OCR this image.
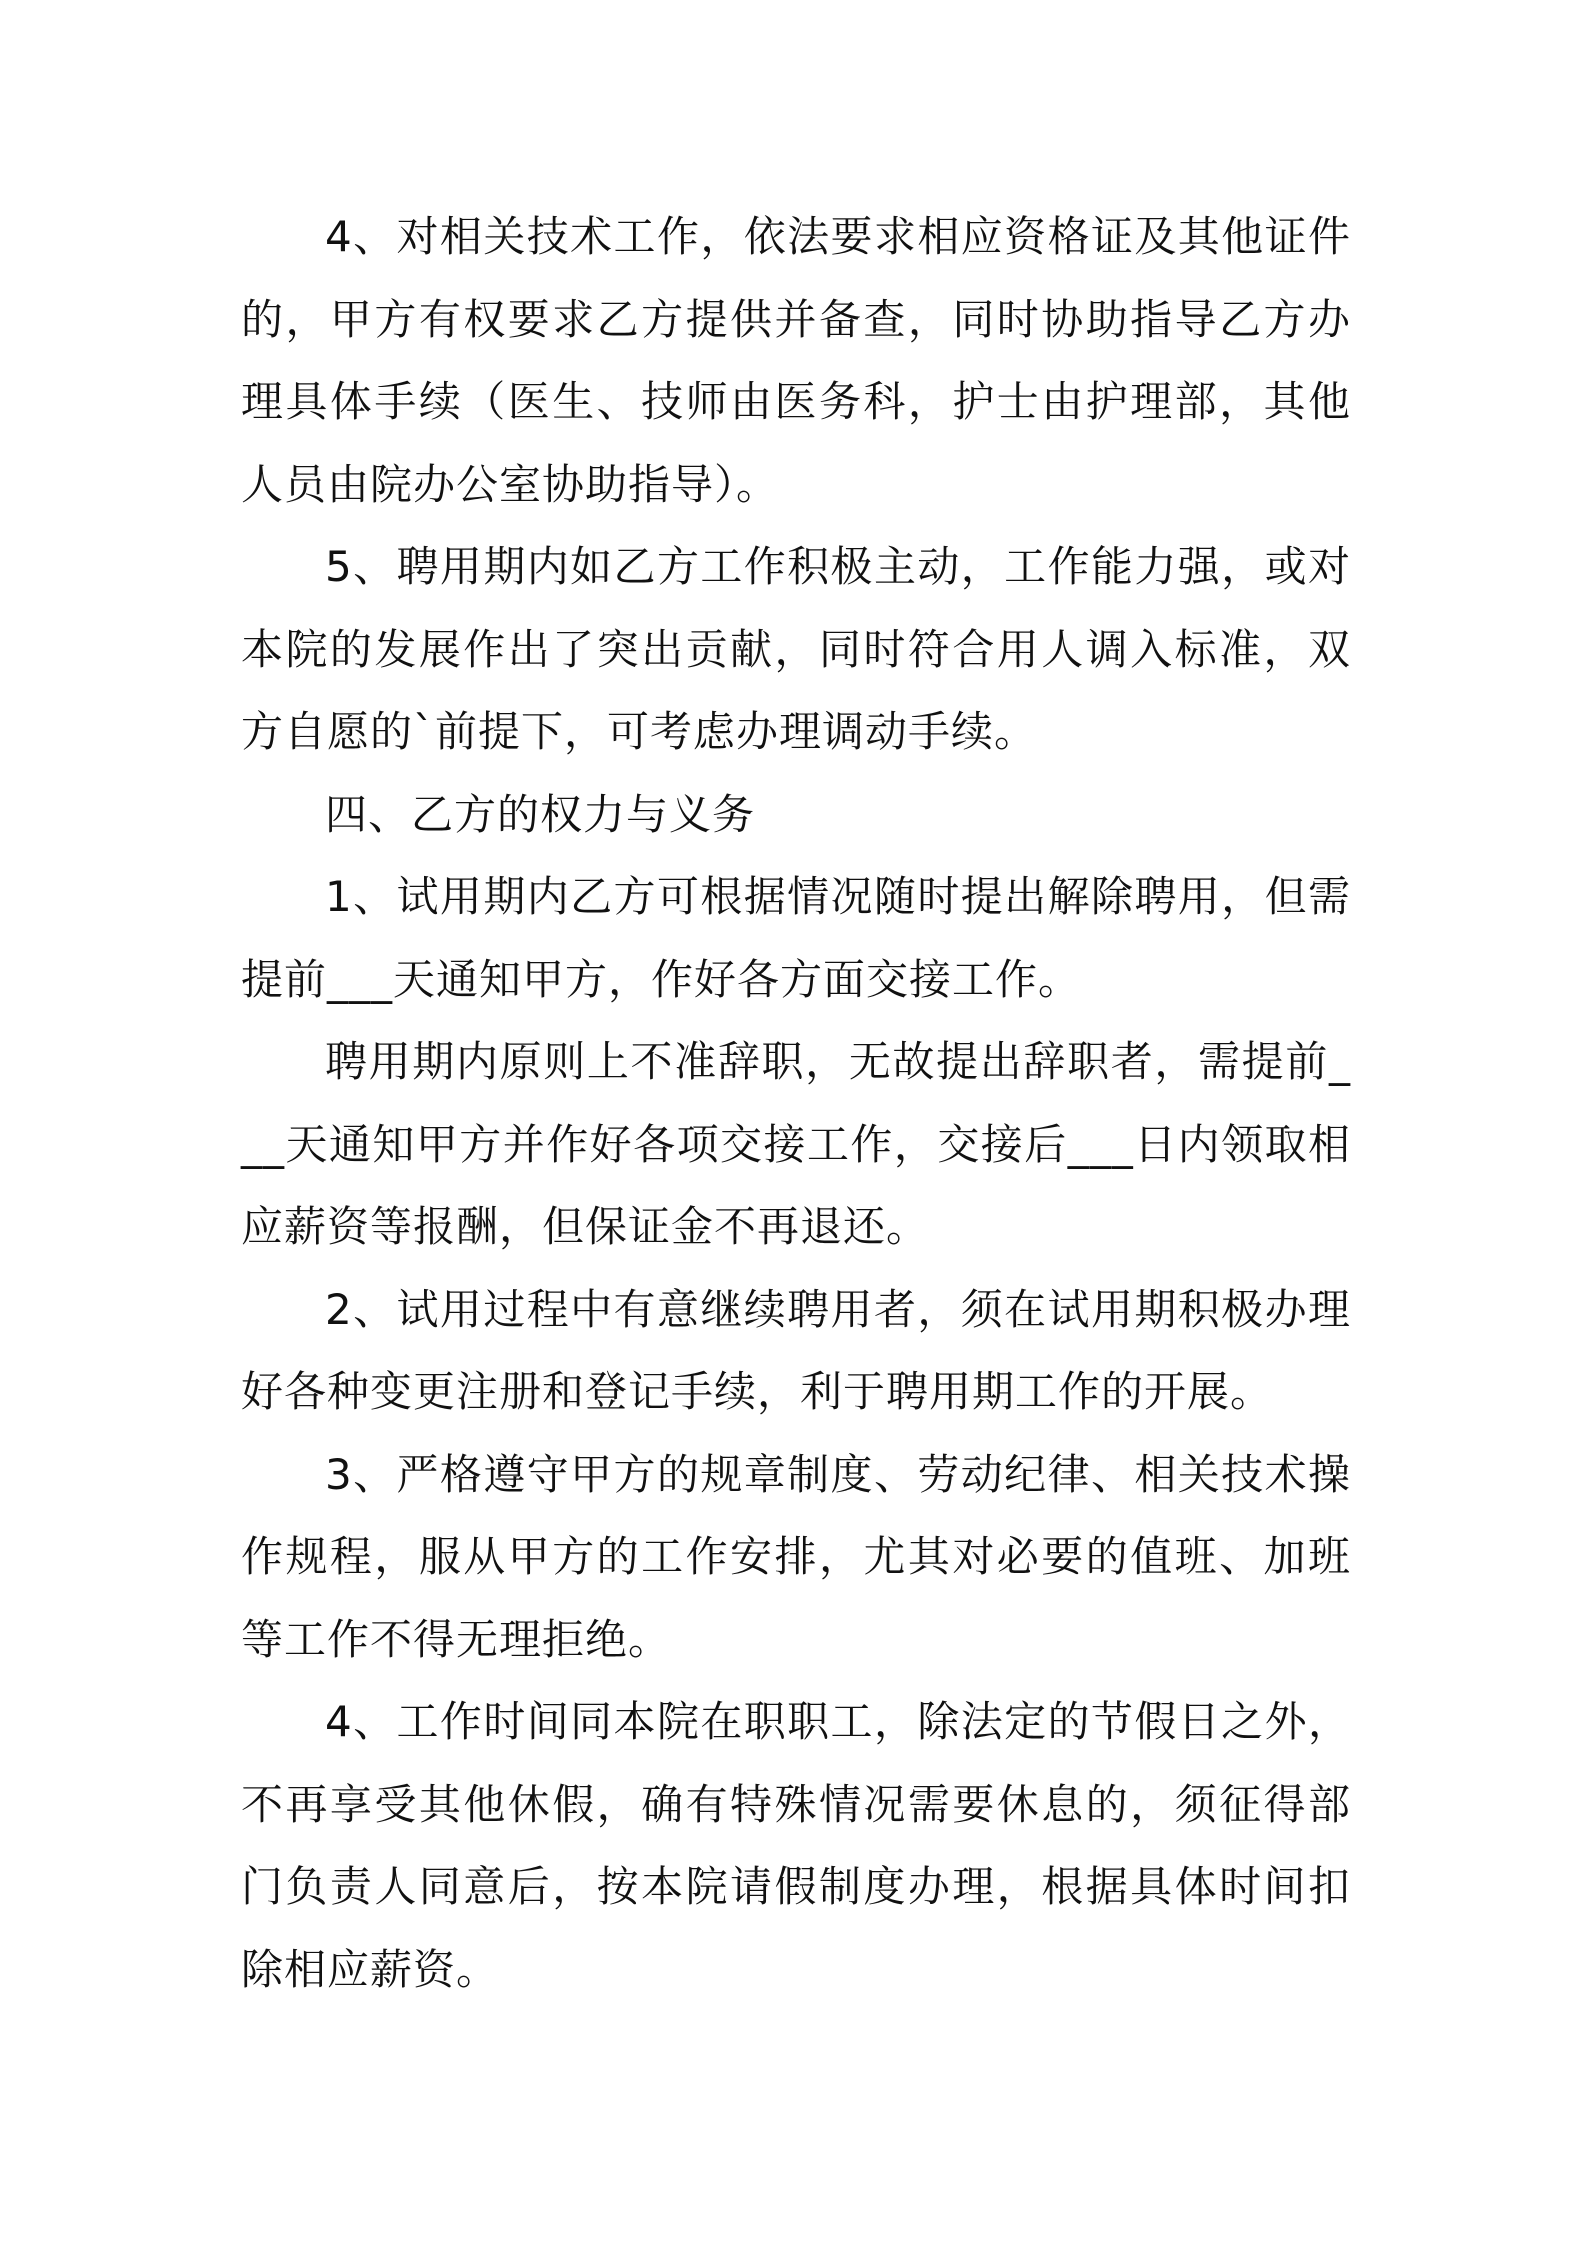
4、对相关技术工作，依法要求相应资格证及其他证件的，甲方有权要求乙方提供并备查，同时协助指导乙方办理具体手续（医生、技师由医务科，护士由护理部，其他人员由院办公室协助指导）。

5、聘用期内如乙方工作积极主动，工作能力强，或对本院的发展作出了突出贡献，同时符合用人调入标准，双方自愿的`前提下，可考虑办理调动手续。

四、乙方的权力与义务

1、试用期内乙方可根据情况随时提出解除聘用，但需提前___天通知甲方，作好各方面交接工作。

聘用期内原则上不准辞职，无故提出辞职者，需提前___天通知甲方并作好各项交接工作，交接后___日内领取相应薪资等报酬，但保证金不再退还。

2、试用过程中有意继续聘用者，须在试用期积极办理好各种变更注册和登记手续，利于聘用期工作的开展。

3、严格遵守甲方的规章制度、劳动纪律、相关技术操作规程，服从甲方的工作安排，尤其对必要的值班、加班等工作不得无理拒绝。

4、工作时间同本院在职职工，除法定的节假日之外，不再享受其他休假，确有特殊情况需要休息的，须征得部门负责人同意后，按本院请假制度办理，根据具体时间扣除相应薪资。
